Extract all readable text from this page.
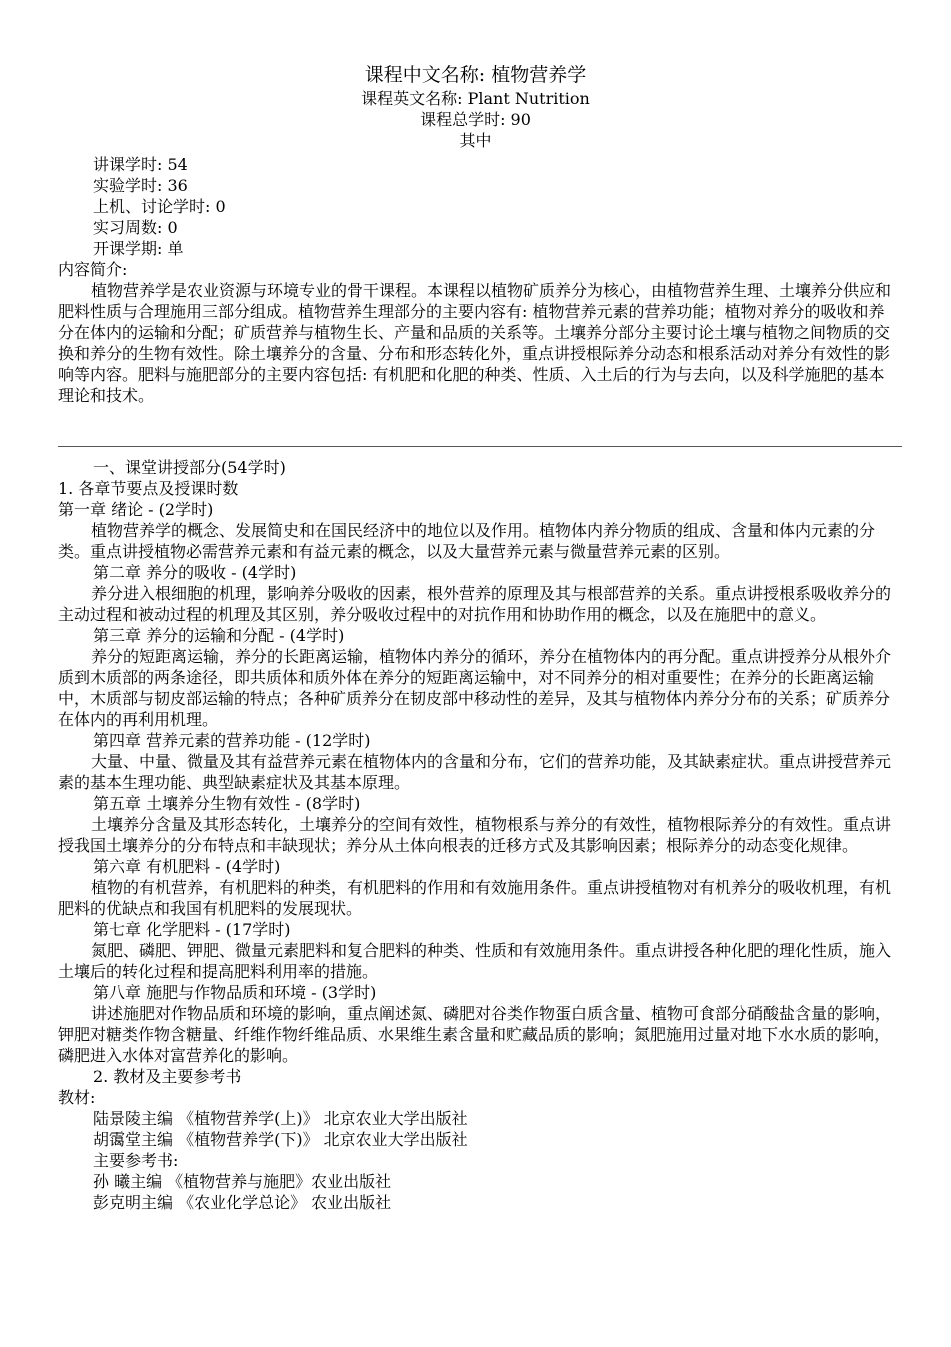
课程中文名称: 植物营养学
课程英文名称: Plant Nutrition
课程总学时: 90
其中
讲课学时: 54
实验学时: 36
上机、讨论学时: 0
实习周数: 0
开课学期: 单
内容简介:

植物营养学是农业资源与环境专业的骨干课程。本课程以植物矿质养分为核心，由植物营养生理、土壤养分供应和肥料性质与合理施用三部分组成。植物营养生理部分的主要内容有: 植物营养元素的营养功能；植物对养分的吸收和养分在体内的运输和分配；矿质营养与植物生长、产量和品质的关系等。土壤养分部分主要讨论土壤与植物之间物质的交换和养分的生物有效性。除土壤养分的含量、分布和形态转化外，重点讲授根际养分动态和根系活动对养分有效性的影响等内容。肥料与施肥部分的主要内容包括: 有机肥和化肥的种类、性质、入土后的行为与去向，以及科学施肥的基本理论和技术。

一、课堂讲授部分(54学时)
1. 各章节要点及授课时数
第一章 绪论 - (2学时)

植物营养学的概念、发展简史和在国民经济中的地位以及作用。植物体内养分物质的组成、含量和体内元素的分类。重点讲授植物必需营养元素和有益元素的概念，以及大量营养元素与微量营养元素的区别。

第二章 养分的吸收 - (4学时)

养分进入根细胞的机理，影响养分吸收的因素，根外营养的原理及其与根部营养的关系。重点讲授根系吸收养分的主动过程和被动过程的机理及其区别，养分吸收过程中的对抗作用和协助作用的概念，以及在施肥中的意义。

第三章 养分的运输和分配 - (4学时)

养分的短距离运输，养分的长距离运输，植物体内养分的循环，养分在植物体内的再分配。重点讲授养分从根外介质到木质部的两条途径，即共质体和质外体在养分的短距离运输中，对不同养分的相对重要性；在养分的长距离运输中，木质部与韧皮部运输的特点；各种矿质养分在韧皮部中移动性的差异，及其与植物体内养分分布的关系；矿质养分在体内的再利用机理。

第四章 营养元素的营养功能 - (12学时)

大量、中量、微量及其有益营养元素在植物体内的含量和分布，它们的营养功能，及其缺素症状。重点讲授营养元素的基本生理功能、典型缺素症状及其基本原理。

第五章 土壤养分生物有效性 - (8学时)

土壤养分含量及其形态转化，土壤养分的空间有效性，植物根系与养分的有效性，植物根际养分的有效性。重点讲授我国土壤养分的分布特点和丰缺现状；养分从土体向根表的迁移方式及其影响因素；根际养分的动态变化规律。

第六章 有机肥料 - (4学时)

植物的有机营养，有机肥料的种类，有机肥料的作用和有效施用条件。重点讲授植物对有机养分的吸收机理，有机肥料的优缺点和我国有机肥料的发展现状。

第七章 化学肥料 - (17学时)

氮肥、磷肥、钾肥、微量元素肥料和复合肥料的种类、性质和有效施用条件。重点讲授各种化肥的理化性质，施入土壤后的转化过程和提高肥料利用率的措施。

第八章 施肥与作物品质和环境 - (3学时)

讲述施肥对作物品质和环境的影响，重点阐述氮、磷肥对谷类作物蛋白质含量、植物可食部分硝酸盐含量的影响，钾肥对糖类作物含糖量、纤维作物纤维品质、水果维生素含量和贮藏品质的影响；氮肥施用过量对地下水水质的影响，磷肥进入水体对富营养化的影响。

2. 教材及主要参考书
教材:
陆景陵主编 《植物营养学(上)》 北京农业大学出版社
胡霭堂主编 《植物营养学(下)》 北京农业大学出版社
主要参考书:
孙 曦主编 《植物营养与施肥》农业出版社
彭克明主编 《农业化学总论》 农业出版社
